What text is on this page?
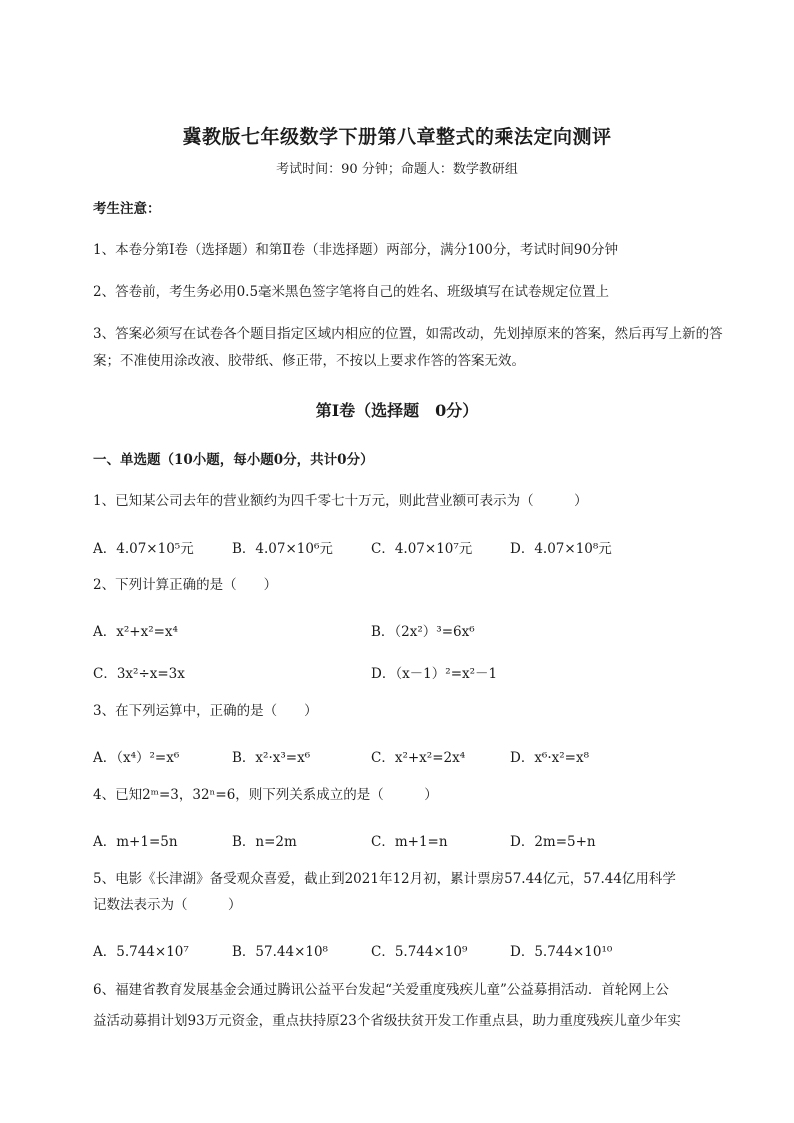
冀教版七年级数学下册第八章整式的乘法定向测评
考试时间：90 分钟；命题人：数学教研组
考生注意：
1、本卷分第Ⅰ卷（选择题）和第Ⅱ卷（非选择题）两部分，满分100分，考试时间90分钟
2、答卷前，考生务必用0.5毫米黑色签字笔将自己的姓名、班级填写在试卷规定位置上
3、答案必须写在试卷各个题目指定区域内相应的位置，如需改动，先划掉原来的答案，然后再写上新的答案；不准使用涂改液、胶带纸、修正带，不按以上要求作答的答案无效。
第Ⅰ卷（选择题　0分）
一、单选题（10小题，每小题0分，共计0分）
1、已知某公司去年的营业额约为四千零七十万元，则此营业额可表示为（　　　）
A．4.07×10⁵元	B．4.07×10⁶元	C．4.07×10⁷元	D．4.07×10⁸元
2、下列计算正确的是（　　）
A．x²+x²=x⁴	B．（2x²）³=6x⁶
C．3x²÷x=3x	D．（x－1）²=x²－1
3、在下列运算中，正确的是（　　）
A．（x⁴）²=x⁶	B．x²·x³=x⁶	C．x²+x²=2x⁴	D．x⁶·x²=x⁸
4、已知2ᵐ=3，32ⁿ=6，则下列关系成立的是（　　　）
A．m+1=5n	B．n=2m	C．m+1=n	D．2m=5+n
5、电影《长津湖》备受观众喜爱，截止到2021年12月初，累计票房57.44亿元，57.44亿用科学
记数法表示为（　　　）
A．5.744×10⁷	B．57.44×10⁸	C．5.744×10⁹	D．5.744×10¹⁰
6、福建省教育发展基金会通过腾讯公益平台发起“关爱重度残疾儿童”公益募捐活动．首轮网上公
益活动募捐计划93万元资金，重点扶持原23个省级扶贫开发工作重点县，助力重度残疾儿童少年实
